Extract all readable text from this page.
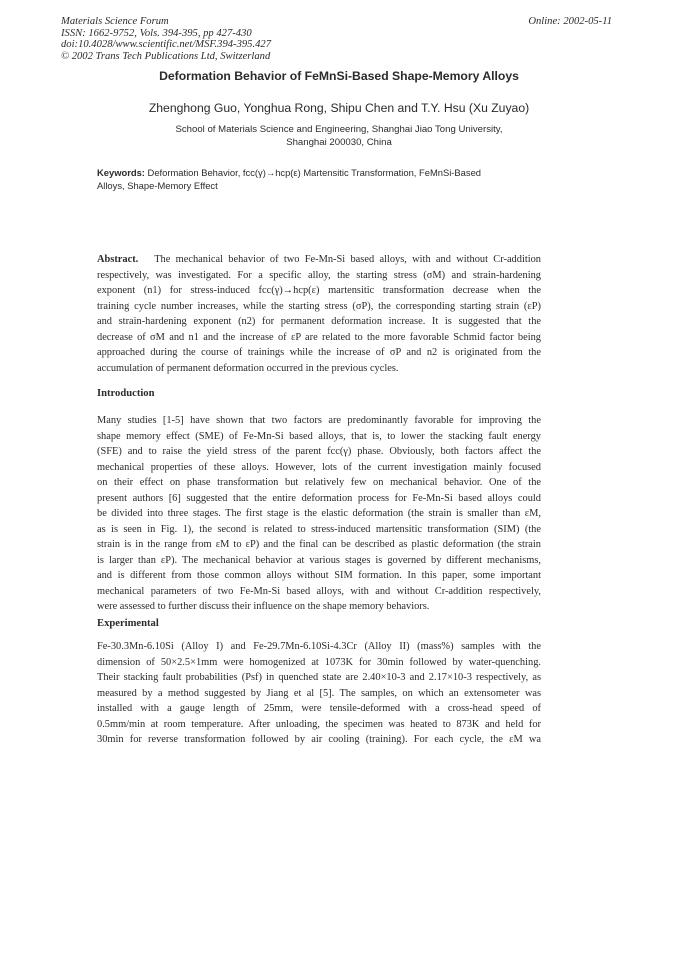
Materials Science Forum
ISSN: 1662-9752, Vols. 394-395, pp 427-430
doi:10.4028/www.scientific.net/MSF.394-395.427
© 2002 Trans Tech Publications Ltd, Switzerland
Online: 2002-05-11
Deformation Behavior of FeMnSi-Based Shape-Memory Alloys
Zhenghong Guo, Yonghua Rong, Shipu Chen and T.Y. Hsu (Xu Zuyao)
School of Materials Science and Engineering, Shanghai Jiao Tong University,
Shanghai 200030, China
Keywords: Deformation Behavior, fcc(γ)→hcp(ε) Martensitic Transformation, FeMnSi-Based
Alloys, Shape-Memory Effect
Abstract. The mechanical behavior of two Fe-Mn-Si based alloys, with and without Cr-addition
respectively, was investigated. For a specific alloy, the starting stress (σM) and strain-hardening
exponent (n1) for stress-induced fcc(γ)→hcp(ε) martensitic transformation decrease when the
training cycle number increases, while the starting stress (σP), the corresponding starting strain (εP)
and strain-hardening exponent (n2) for permanent deformation increase. It is suggested that the
decrease of σM and n1 and the increase of εP are related to the more favorable Schmid factor being
approached during the course of trainings while the increase of σP and n2 is originated from the
accumulation of permanent deformation occurred in the previous cycles.
Introduction
Many studies [1-5] have shown that two factors are predominantly favorable for improving the
shape memory effect (SME) of Fe-Mn-Si based alloys, that is, to lower the stacking fault energy
(SFE) and to raise the yield stress of the parent fcc(γ) phase. Obviously, both factors affect the
mechanical properties of these alloys. However, lots of the current investigation mainly focused
on their effect on phase transformation but relatively few on mechanical behavior. One of the
present authors [6] suggested that the entire deformation process for Fe-Mn-Si based alloys could
be divided into three stages. The first stage is the elastic deformation (the strain is smaller than εM,
as is seen in Fig. 1), the second is related to stress-induced martensitic transformation (SIM) (the
strain is in the range from εM to εP) and the final can be described as plastic deformation (the strain
is larger than εP). The mechanical behavior at various stages is governed by different mechanisms,
and is different from those common alloys without SIM formation. In this paper, some important
mechanical parameters of two Fe-Mn-Si based alloys, with and without Cr-addition respectively,
were assessed to further discuss their influence on the shape memory behaviors.
Experimental
Fe-30.3Mn-6.10Si (Alloy I) and Fe-29.7Mn-6.10Si-4.3Cr (Alloy II) (mass%) samples with the
dimension of 50×2.5×1mm were homogenized at 1073K for 30min followed by water-quenching.
Their stacking fault probabilities (Psf) in quenched state are 2.40×10-3 and 2.17×10-3 respectively, as
measured by a method suggested by Jiang et al [5]. The samples, on which an extensometer was
installed with a gauge length of 25mm, were tensile-deformed with a cross-head speed of
0.5mm/min at room temperature. After unloading, the specimen was heated to 873K and held for
30min for reverse transformation followed by air cooling (training). For each cycle, the εM wa
